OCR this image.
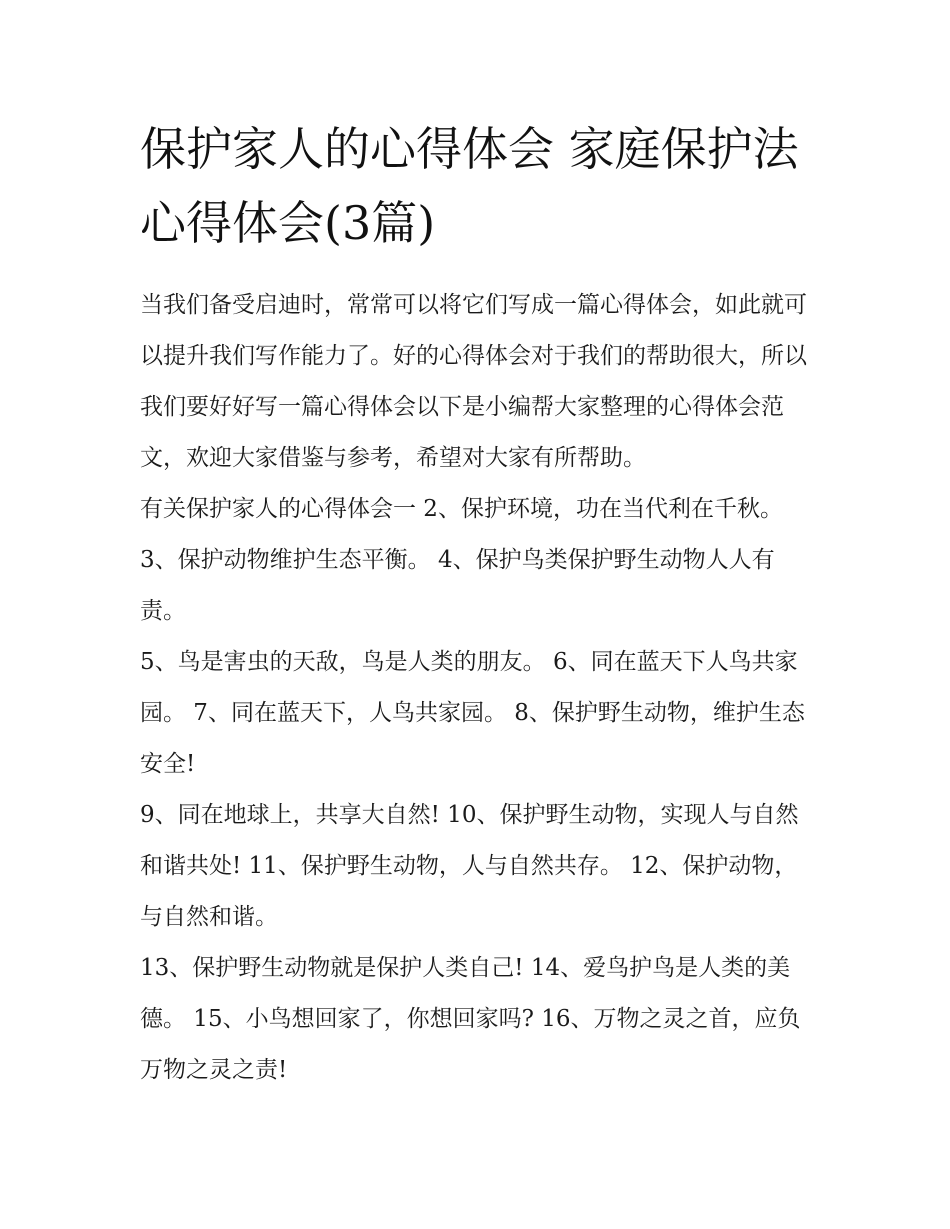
保护家人的心得体会 家庭保护法心得体会(3篇)

当我们备受启迪时，常常可以将它们写成一篇心得体会，如此就可以提升我们写作能力了。好的心得体会对于我们的帮助很大，所以我们要好好写一篇心得体会以下是小编帮大家整理的心得体会范文，欢迎大家借鉴与参考，希望对大家有所帮助。

有关保护家人的心得体会一 2、保护环境，功在当代利在千秋。 3、保护动物维护生态平衡。 4、保护鸟类保护野生动物人人有责。

5、鸟是害虫的天敌，鸟是人类的朋友。 6、同在蓝天下人鸟共家园。 7、同在蓝天下，人鸟共家园。 8、保护野生动物，维护生态安全!

9、同在地球上，共享大自然! 10、保护野生动物，实现人与自然和谐共处! 11、保护野生动物，人与自然共存。 12、保护动物，与自然和谐。

13、保护野生动物就是保护人类自己! 14、爱鸟护鸟是人类的美德。 15、小鸟想回家了，你想回家吗? 16、万物之灵之首，应负万物之灵之责!
